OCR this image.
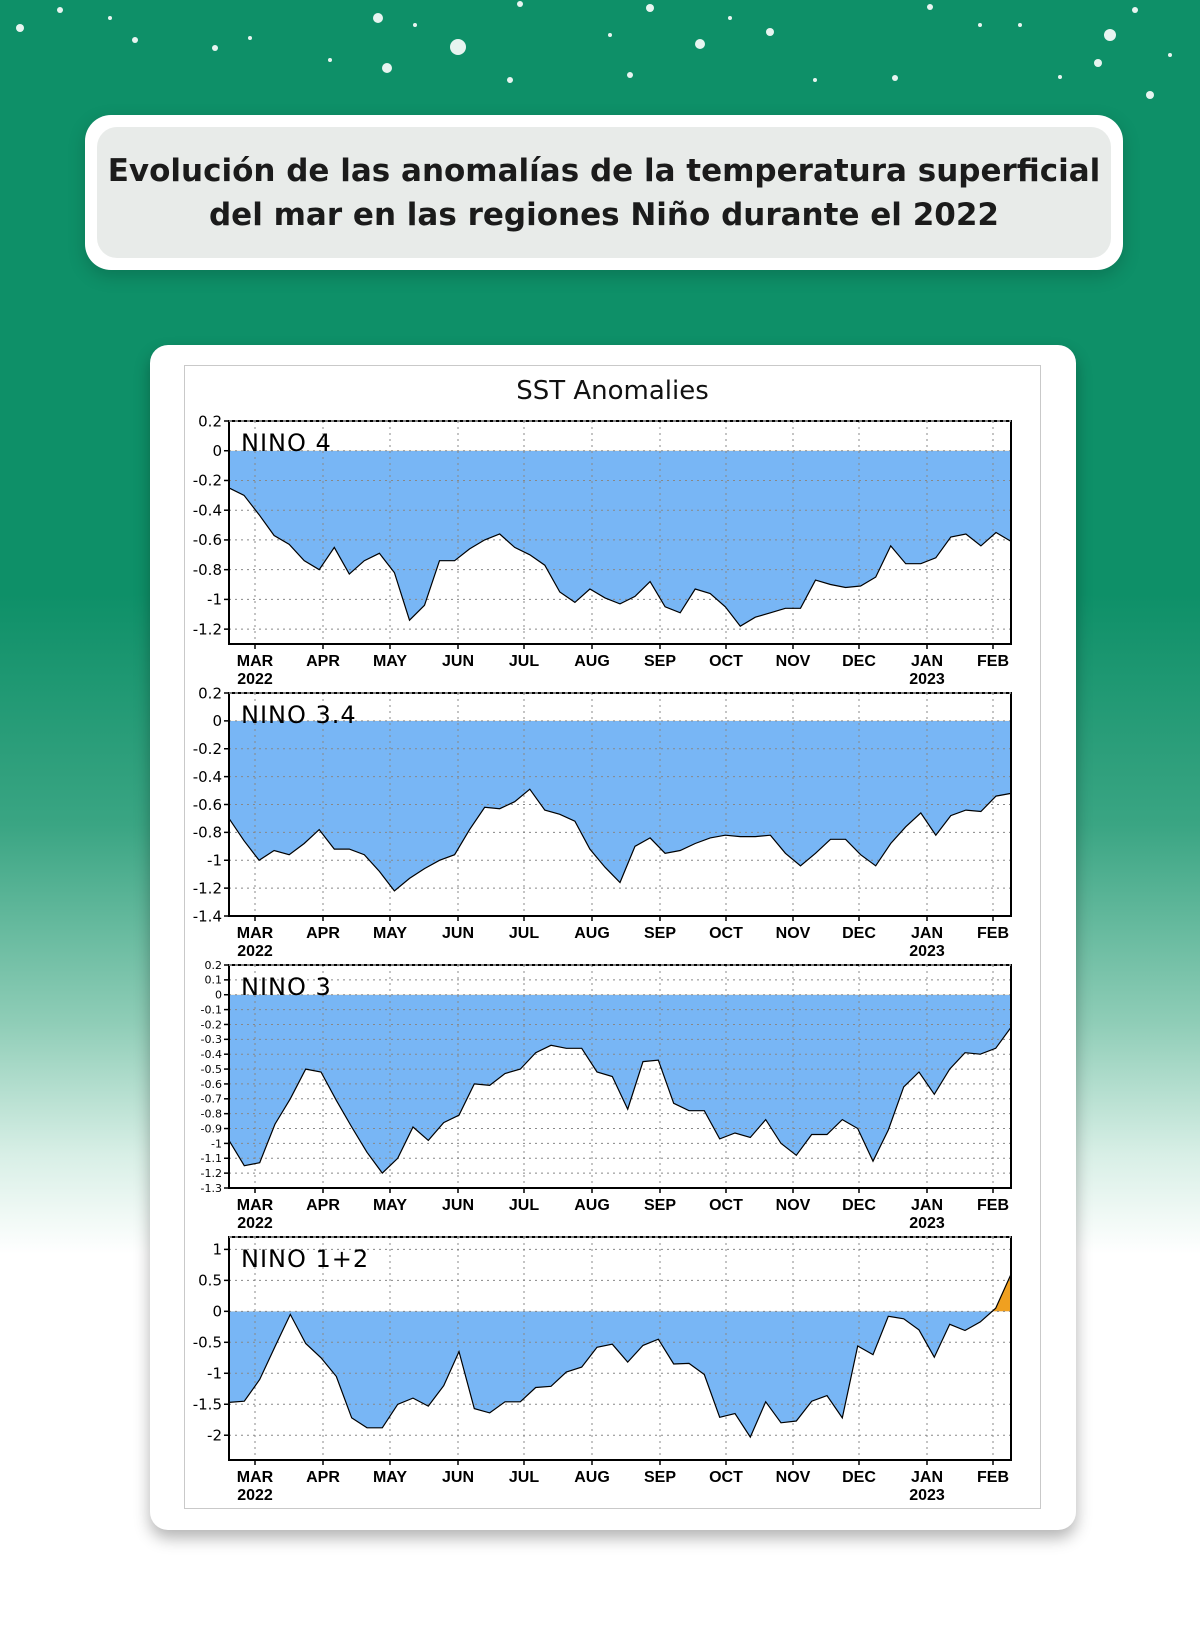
Evolución de las anomalías de la temperatura superficial
del mar en las regiones Niño durante el 2022

SST Anomalies

0.2
0
-0.2
-0.4
-0.6
-0.8
-1
-1.2
MAR
2022
APR MAY JUN JUL AUG SEP OCT NOV DEC JAN
2023
FEB
NINO 4
0.2
0
-0.2
-0.4
-0.6
-0.8
-1
-1.2
-1.4
MAR
2022
APR MAY JUN JUL AUG SEP OCT NOV DEC JAN
2023
FEB
NINO 3.4
0.2
0.1
0
-0.1
-0.2
-0.3
-0.4
-0.5
-0.6
-0.7
-0.8
-0.9
-1
-1.1
-1.2
-1.3
MAR
2022
APR MAY JUN JUL AUG SEP OCT NOV DEC JAN
2023
FEB
NINO 3
1
0.5
0
-0.5
-1
-1.5
-2
MAR
2022
APR MAY JUN JUL AUG SEP OCT NOV DEC JAN
2023
FEB
NINO 1+2
